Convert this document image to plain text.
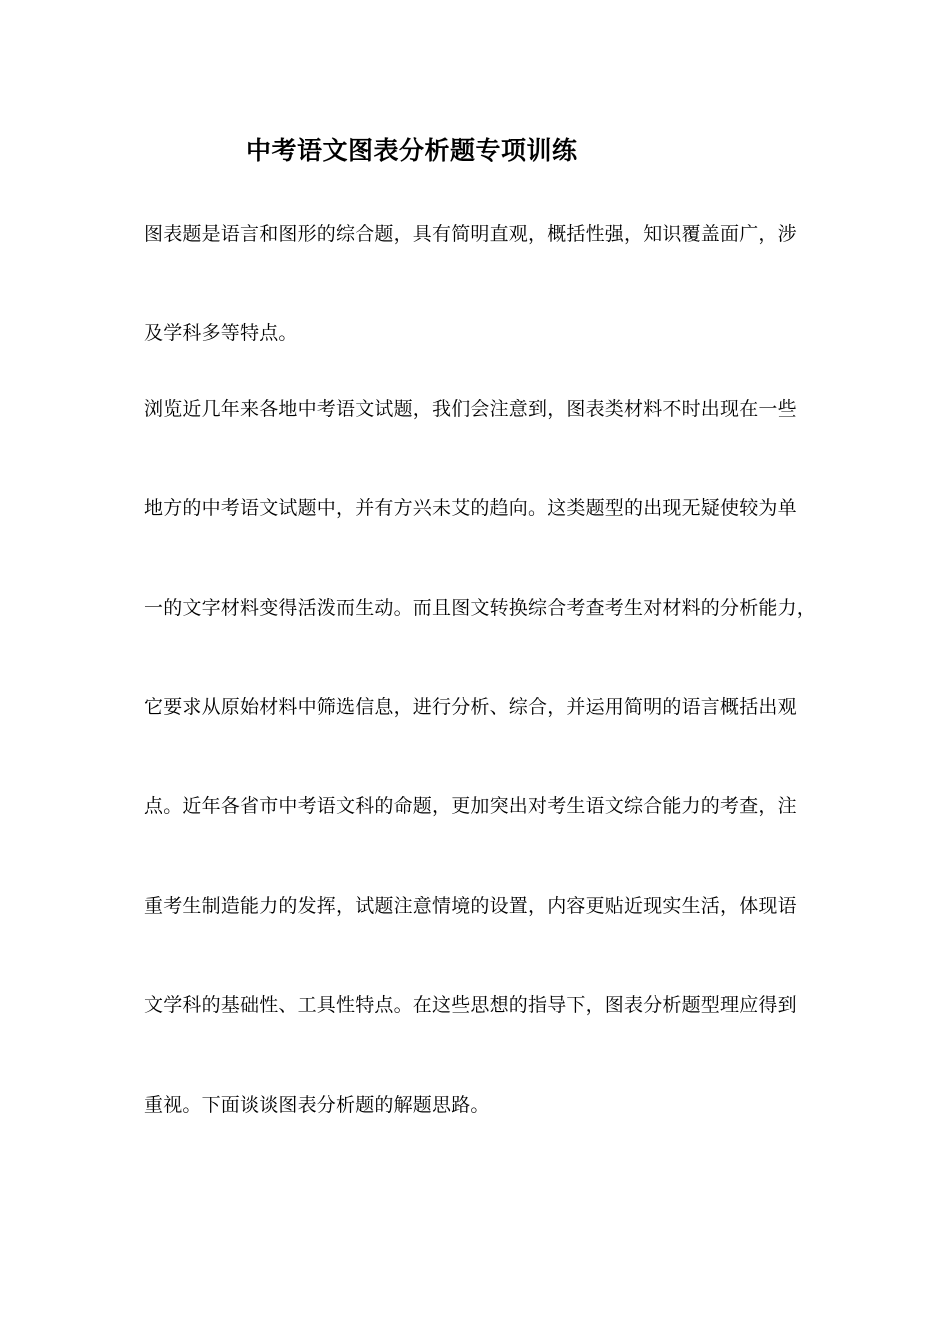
中考语文图表分析题专项训练
图表题是语言和图形的综合题，具有简明直观，概括性强，知识覆盖面广，涉
及学科多等特点。
浏览近几年来各地中考语文试题，我们会注意到，图表类材料不时出现在一些
地方的中考语文试题中，并有方兴未艾的趋向。这类题型的出现无疑使较为单
一的文字材料变得活泼而生动。而且图文转换综合考查考生对材料的分析能力，
它要求从原始材料中筛选信息，进行分析、综合，并运用简明的语言概括出观
点。近年各省市中考语文科的命题，更加突出对考生语文综合能力的考查，注
重考生制造能力的发挥，试题注意情境的设置，内容更贴近现实生活，体现语
文学科的基础性、工具性特点。在这些思想的指导下，图表分析题型理应得到
重视。下面谈谈图表分析题的解题思路。
